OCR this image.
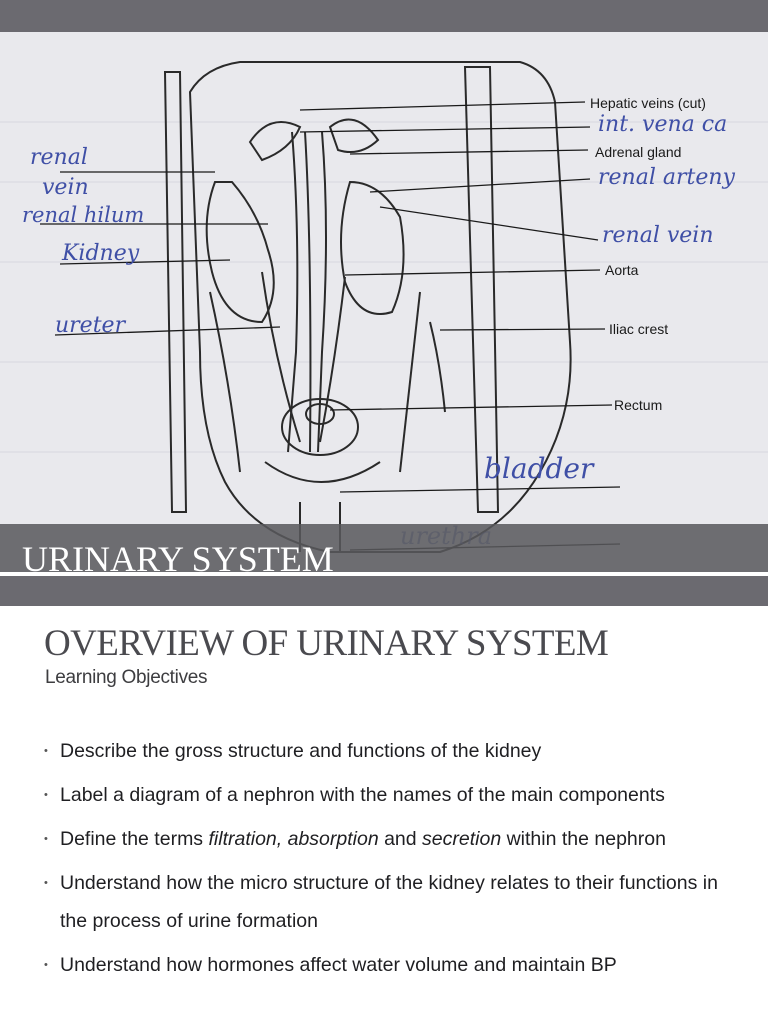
Hepatic veins (cut)
Adrenal gland
Aorta
Iliac crest
Rectum
int. vena ca
renal arteny
renal vein
renal
vein
renal hilum
Kidney
ureter
bladder
URINARY SYSTEM
OVERVIEW OF URINARY SYSTEM
Learning Objectives
• Describe the gross structure and functions of the kidney
• Label a diagram of a nephron with the names of the main components
• Define the terms filtration, absorption and secretion within the nephron
• Understand how the micro structure of the kidney relates to their functions in the process of urine formation
• Understand how hormones affect water volume and maintain BP
